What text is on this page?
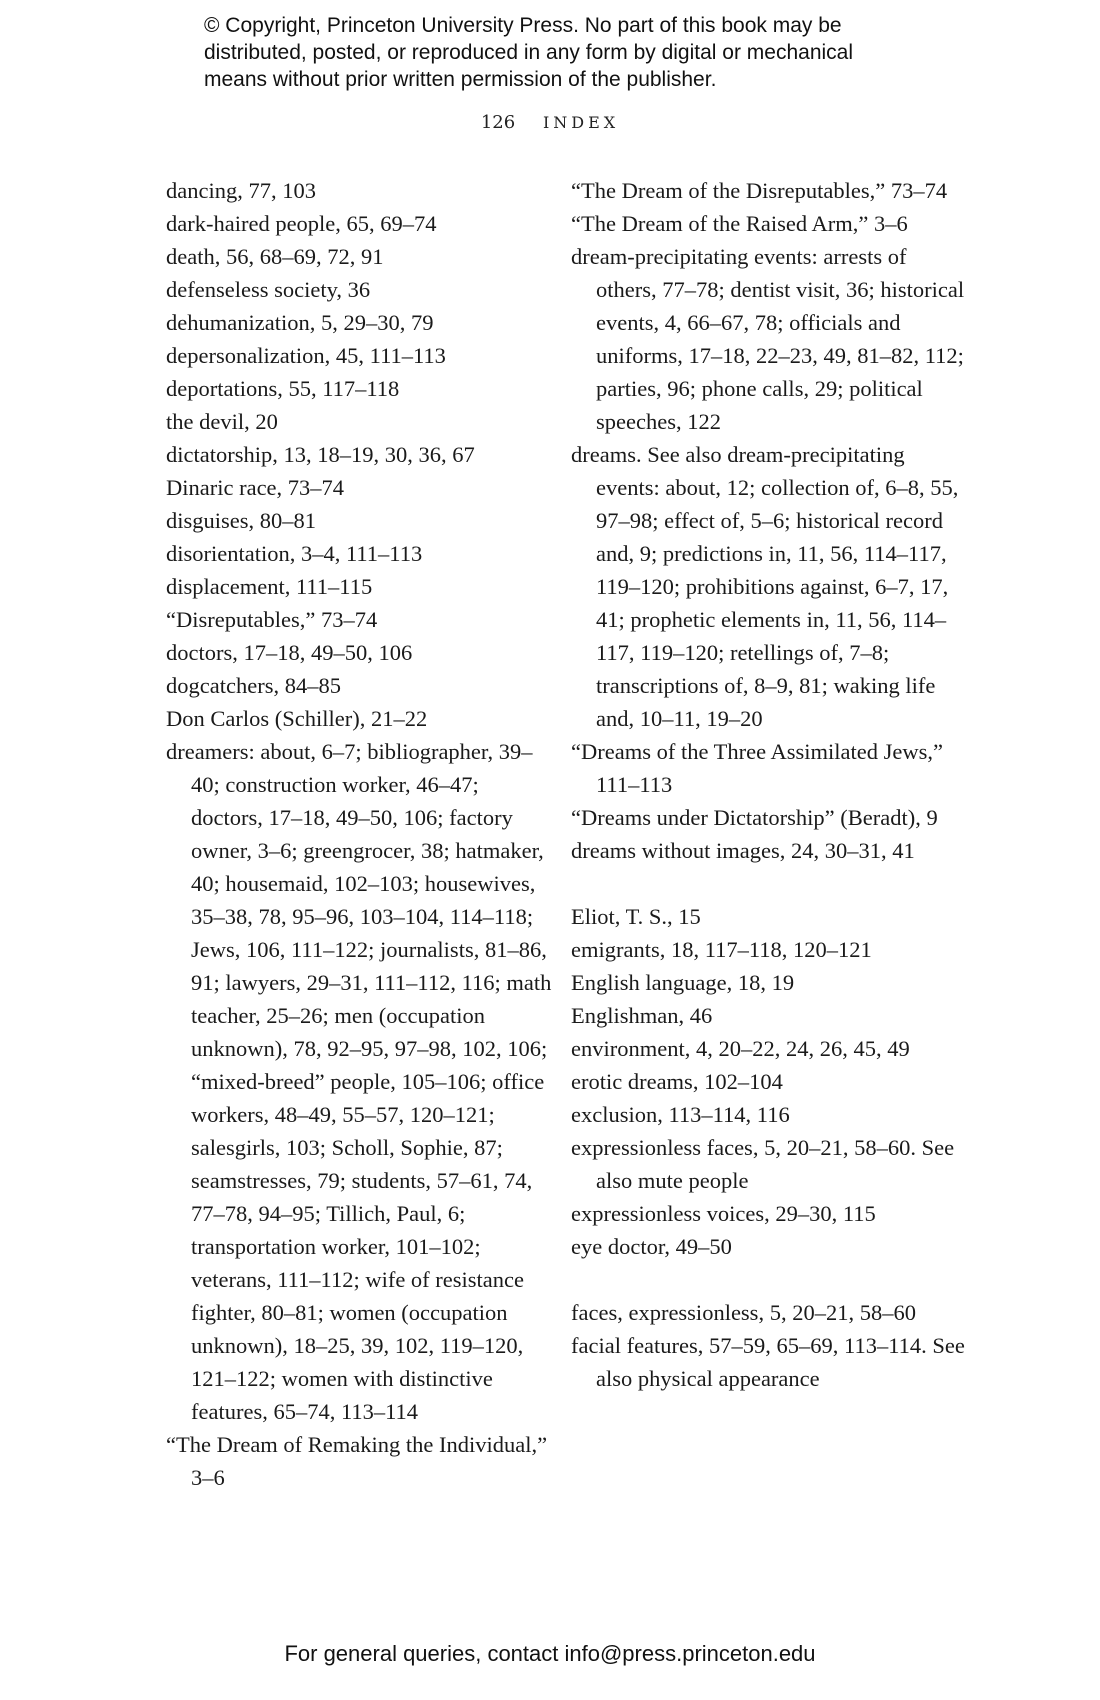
© Copyright, Princeton University Press. No part of this book may be
distributed, posted, or reproduced in any form by digital or mechanical
means without prior written permission of the publisher.
126 INDEX

dancing, 77, 103

dark-haired people, 65, 69–74

death, 56, 68–69, 72, 91

defenseless society, 36

dehumanization, 5, 29–30, 79

depersonalization, 45, 111–113

deportations, 55, 117–118

the devil, 20

dictatorship, 13, 18–19, 30, 36, 67

Dinaric race, 73–74

disguises, 80–81

disorientation, 3–4, 111–113

displacement, 111–115

“Disreputables,” 73–74

doctors, 17–18, 49–50, 106

dogcatchers, 84–85

Don Carlos (Schiller), 21–22

dreamers: about, 6–7; bibliographer, 39–40; construction worker, 46–47; doctors, 17–18, 49–50, 106; factory owner, 3–6; greengrocer, 38; hatmaker, 40; housemaid, 102–103; housewives, 35–38, 78, 95–96, 103–104, 114–118; Jews, 106, 111–122; journalists, 81–86, 91; lawyers, 29–31, 111–112, 116; math teacher, 25–26; men (occupation unknown), 78, 92–95, 97–98, 102, 106; “mixed-breed” people, 105–106; office workers, 48–49, 55–57, 120–121; salesgirls, 103; Scholl, Sophie, 87; seamstresses, 79; students, 57–61, 74, 77–78, 94–95; Tillich, Paul, 6; transportation worker, 101–102; veterans, 111–112; wife of resistance fighter, 80–81; women (occupation unknown), 18–25, 39, 102, 119–120, 121–122; women with distinctive features, 65–74, 113–114

“The Dream of Remaking the Individual,” 3–6

“The Dream of the Disreputables,” 73–74

“The Dream of the Raised Arm,” 3–6

dream-precipitating events: arrests of others, 77–78; dentist visit, 36; historical events, 4, 66–67, 78; officials and uniforms, 17–18, 22–23, 49, 81–82, 112; parties, 96; phone calls, 29; political speeches, 122

dreams. See also dream-precipitating events: about, 12; collection of, 6–8, 55, 97–98; effect of, 5–6; historical record and, 9; predictions in, 11, 56, 114–117, 119–120; prohibitions against, 6–7, 17, 41; prophetic elements in, 11, 56, 114–117, 119–120; retellings of, 7–8; transcriptions of, 8–9, 81; waking life and, 10–11, 19–20

“Dreams of the Three Assimilated Jews,” 111–113

“Dreams under Dictatorship” (Beradt), 9

dreams without images, 24, 30–31, 41

Eliot, T. S., 15

emigrants, 18, 117–118, 120–121

English language, 18, 19

Englishman, 46

environment, 4, 20–22, 24, 26, 45, 49

erotic dreams, 102–104

exclusion, 113–114, 116

expressionless faces, 5, 20–21, 58–60. See also mute people

expressionless voices, 29–30, 115

eye doctor, 49–50

faces, expressionless, 5, 20–21, 58–60

facial features, 57–59, 65–69, 113–114. See also physical appearance

For general queries, contact info@press.princeton.edu
